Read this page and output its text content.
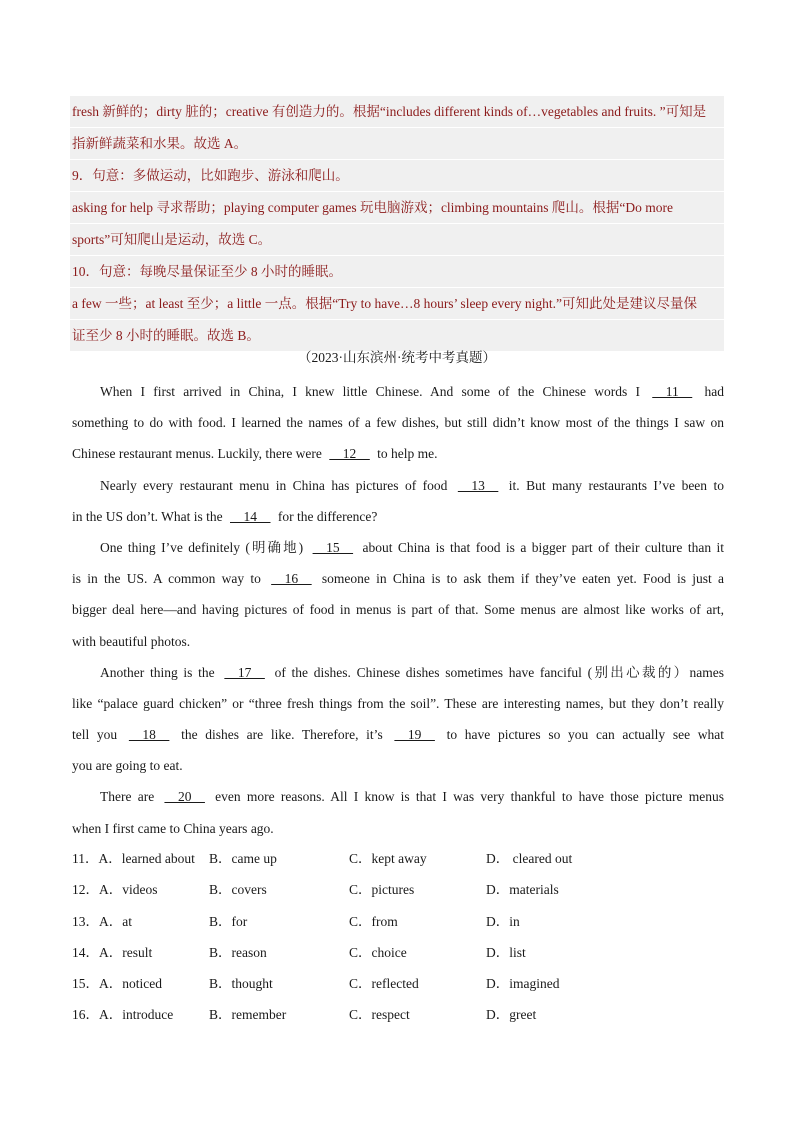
fresh 新鲜的；dirty 脏的；creative 有创造力的。根据“includes different kinds of…vegetables and fruits. ”可知是
指新鲜蔬菜和水果。故选 A。
9．句意：多做运动，比如跑步、游泳和爬山。
asking for help 寻求帮助；playing computer games 玩电脑游戏；climbing mountains 爬山。根据“Do more
sports”可知爬山是运动，故选 C。
10．句意：每晚尽量保证至少 8 小时的睡眠。
a few 一些；at least 至少；a little 一点。根据“Try to have…8 hours’ sleep every night.”可知此处是建议尽量保
证至少 8 小时的睡眠。故选 B。
（2023·山东滨州·统考中考真题）
When I first arrived in China, I knew little Chinese. And some of the Chinese words I     11     had
something to do with food. I learned the names of a few dishes, but still didn’t know most of the things I saw on
Chinese restaurant menus. Luckily, there were     12     to help me.
Nearly every restaurant menu in China has pictures of food     13     it. But many restaurants I’ve been to
in the US don’t. What is the     14     for the difference?
One thing I’ve definitely (明确地)     15     about China is that food is a bigger part of their culture than it
is in the US. A common way to     16     someone in China is to ask them if they’ve eaten yet. Food is just a
bigger deal here—and having pictures of food in menus is part of that. Some menus are almost like works of art,
with beautiful photos.
Another thing is the     17     of the dishes. Chinese dishes sometimes have fanciful (别出心裁的）names
like “palace guard chicken” or “three fresh things from the soil”. These are interesting names, but they don’t really
tell you     18     the dishes are like. Therefore, it’s     19     to have pictures so you can actually see what
you are going to eat.
There are     20     even more reasons. All I know is that I was very thankful to have those picture menus
when I first came to China years ago.
11．A．learned about B．came up	C．kept away	D． cleared out
12．A．videos	B．covers	C．pictures	D．materials
13．A．at	B．for	C．from	D．in
14．A．result	B．reason	C．choice	D．list
15．A．noticed	B．thought	C．reflected	D．imagined
16．A．introduce	B．remember	C．respect	D．greet
